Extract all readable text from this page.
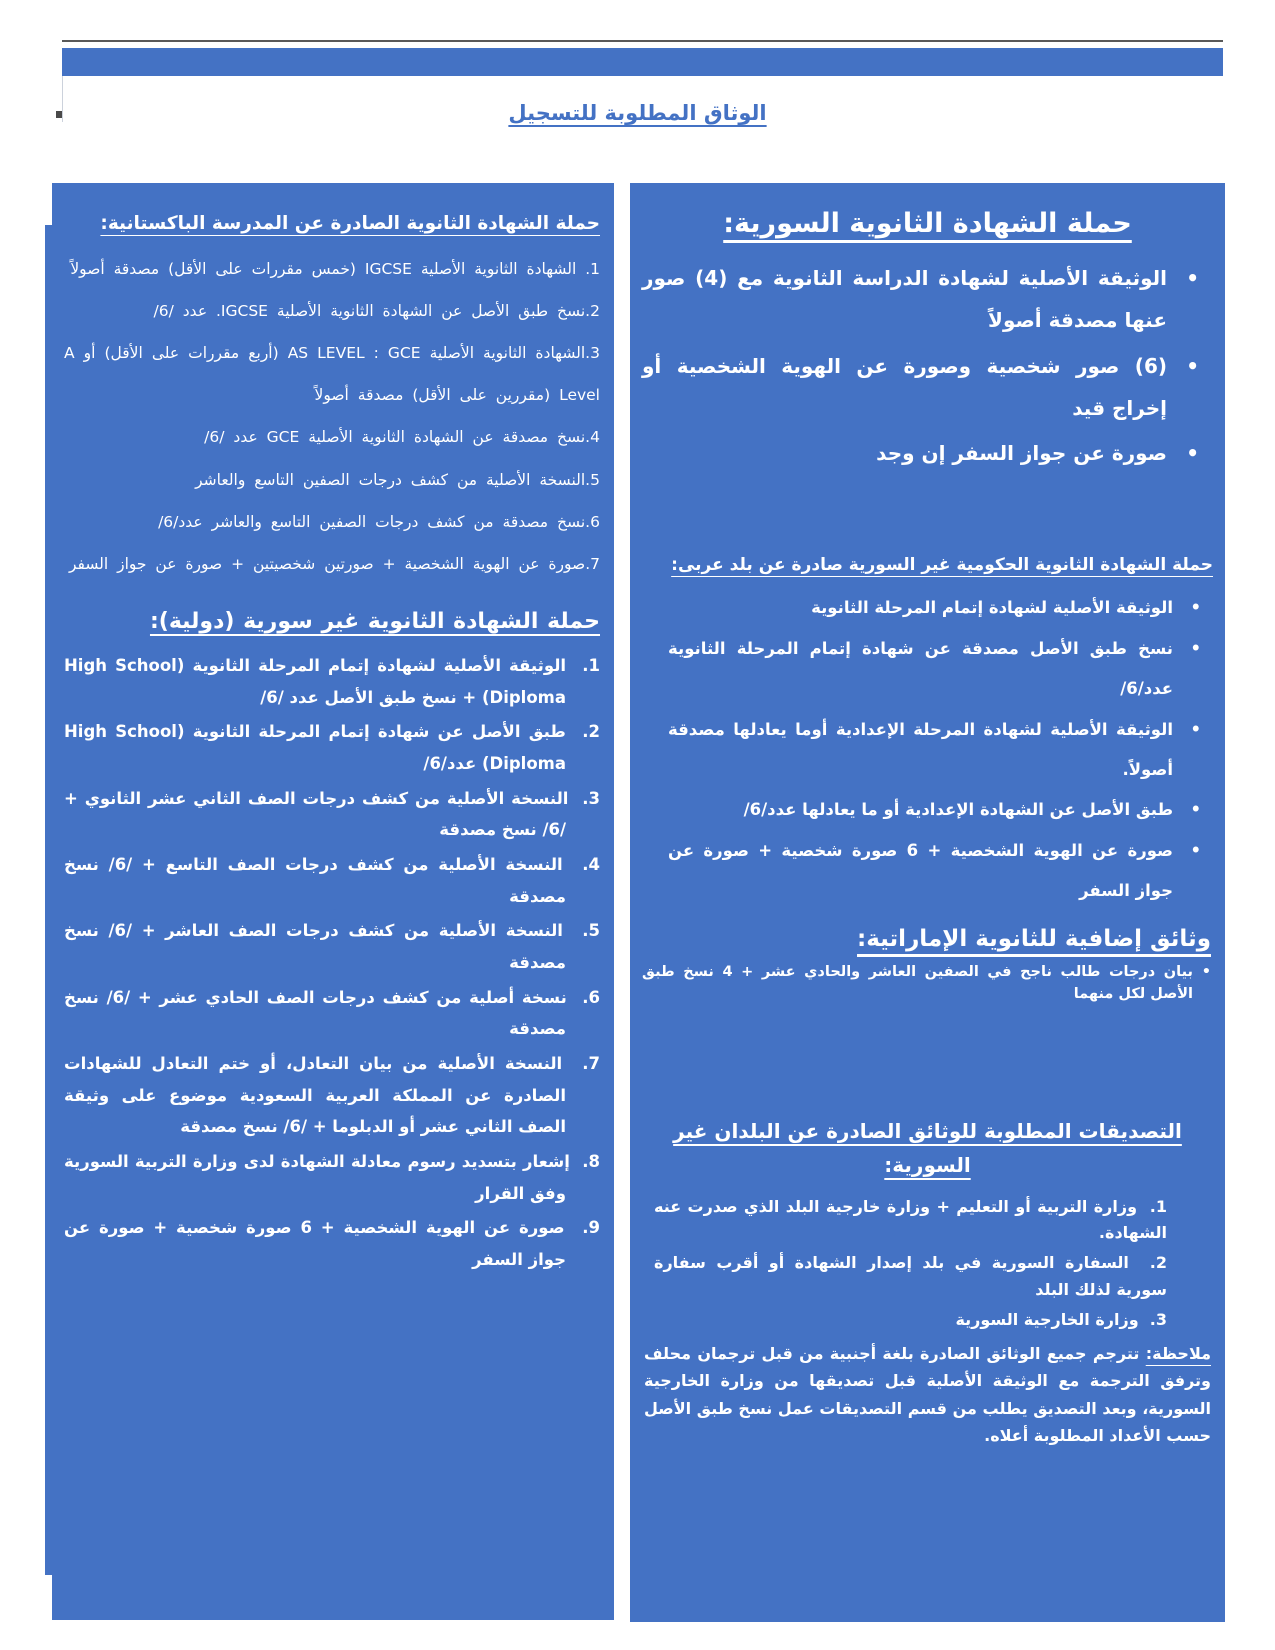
الوثاق المطلوبة للتسجيل
حملة الشهادة الثانوية الصادرة عن المدرسة الباكستانية:
1. الشهادة الثانوية الأصلية IGCSE (خمس مقررات على الأقل) مصدقة أصولاً
2.نسخ طبق الأصل عن الشهادة الثانوية الأصلية IGCSE. عدد /6/
3.الشهادة الثانوية الأصلية AS LEVEL : GCE (أربع مقررات على الأقل) أو A Level (مقررين على الأقل) مصدقة أصولاً
4.نسخ مصدقة عن الشهادة الثانوية الأصلية GCE عدد /6/
5.النسخة الأصلية من كشف درجات الصفين التاسع والعاشر
6.نسخ مصدقة من كشف درجات الصفين التاسع والعاشر عدد/6/
7.صورة عن الهوية الشخصية + صورتين شخصيتين + صورة عن جواز السفر
حملة الشهادة الثانوية غير سورية (دولية):
1.  الوثيقة الأصلية لشهادة إتمام المرحلة الثانوية (High School Diploma) + نسخ طبق الأصل عدد /6/
2.  طبق الأصل عن شهادة إتمام المرحلة الثانوية (High School Diploma) عدد/6/
3.  النسخة الأصلية من كشف درجات الصف الثاني عشر الثانوي + /6/ نسخ مصدقة
4.  النسخة الأصلية من كشف درجات الصف التاسع + /6/ نسخ مصدقة
5.  النسخة الأصلية من كشف درجات الصف العاشر + /6/ نسخ مصدقة
6.  نسخة أصلية من كشف درجات الصف الحادي عشر + /6/ نسخ مصدقة
7.  النسخة الأصلية من بيان التعادل، أو ختم التعادل للشهادات الصادرة عن المملكة العربية السعودية موضوع على وثيقة الصف الثاني عشر أو الدبلوما + /6/ نسخ مصدقة
8.  إشعار بتسديد رسوم معادلة الشهادة لدى وزارة التربية السورية وفق القرار
9.  صورة عن الهوية الشخصية + 6 صورة شخصية + صورة عن جواز السفر
حملة الشهادة الثانوية السورية:
• الوثيقة الأصلية لشهادة الدراسة الثانوية مع (4) صور عنها مصدقة أصولاً
• (6) صور شخصية وصورة عن الهوية الشخصية أو إخراج قيد
• صورة عن جواز السفر إن وجد
حملة الشهادة الثانوية الحكومية غير السورية صادرة عن بلد عربى:
• الوثيقة الأصلية لشهادة إتمام المرحلة الثانوية
• نسخ طبق الأصل مصدقة عن شهادة إتمام المرحلة الثانوية عدد/6/
• الوثيقة الأصلية لشهادة المرحلة الإعدادية أوما يعادلها مصدقة أصولاً.
• طبق الأصل عن الشهادة الإعدادية أو ما يعادلها عدد/6/
• صورة عن الهوية الشخصية + 6 صورة شخصية + صورة عن جواز السفر
وثائق إضافية للثانوية الإماراتية:
• بيان درجات طالب ناجح في الصفين العاشر والحادي عشر + 4 نسخ طبق الأصل لكل منهما
التصديقات المطلوبة للوثائق الصادرة عن البلدان غير السورية:
1.  وزارة التربية أو التعليم + وزارة خارجية البلد الذي صدرت عنه الشهادة.
2.  السفارة السورية في بلد إصدار الشهادة أو أقرب سفارة سورية لذلك البلد
3.  وزارة الخارجية السورية
ملاحظة: تترجم جميع الوثائق الصادرة بلغة أجنبية من قبل ترجمان محلف وترفق الترجمة مع الوثيقة الأصلية قبل تصديقها من وزارة الخارجية السورية، وبعد التصديق يطلب من قسم التصديقات عمل نسخ طبق الأصل حسب الأعداد المطلوبة أعلاه.
